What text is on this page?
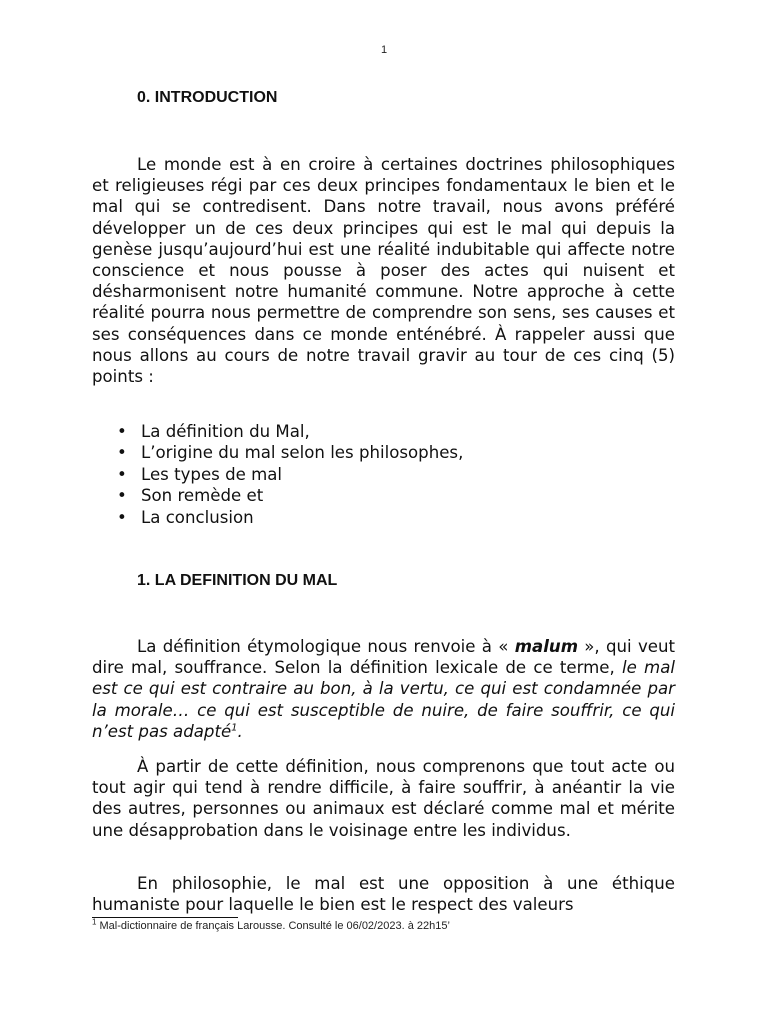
1
0. INTRODUCTION

Le monde est à en croire à certaines doctrines philosophiques et religieuses régi par ces deux principes fondamentaux le bien et le mal qui se contredisent. Dans notre travail, nous avons préféré développer un de ces deux principes qui est le mal qui depuis la genèse jusqu’aujourd’hui est une réalité indubitable qui affecte notre conscience et nous pousse à poser des actes qui nuisent et désharmonisent notre humanité commune. Notre approche à cette réalité pourra nous permettre de comprendre son sens, ses causes et ses conséquences dans ce monde enténébré. À rappeler aussi que nous allons au cours de notre travail gravir au tour de ces cinq (5) points :

• La définition du Mal,
• L’origine du mal selon les philosophes,
• Les types de mal
• Son remède et
• La conclusion
1. LA DEFINITION DU MAL

La définition étymologique nous renvoie à « malum », qui veut dire mal, souffrance. Selon la définition lexicale de ce terme, le mal est ce qui est contraire au bon, à la vertu, ce qui est condamnée par la morale… ce qui est susceptible de nuire, de faire souffrir, ce qui n’est pas adapté$^1$.

À partir de cette définition, nous comprenons que tout acte ou tout agir qui tend à rendre difficile, à faire souffrir, à anéantir la vie des autres, personnes ou animaux est déclaré comme mal et mérite une désapprobation dans le voisinage entre les individus.

En philosophie, le mal est une opposition à une éthique humaniste pour laquelle le bien est le respect des valeurs

$^1$ Mal-dictionnaire de français Larousse. Consulté le 06/02/2023. à 22h15’
